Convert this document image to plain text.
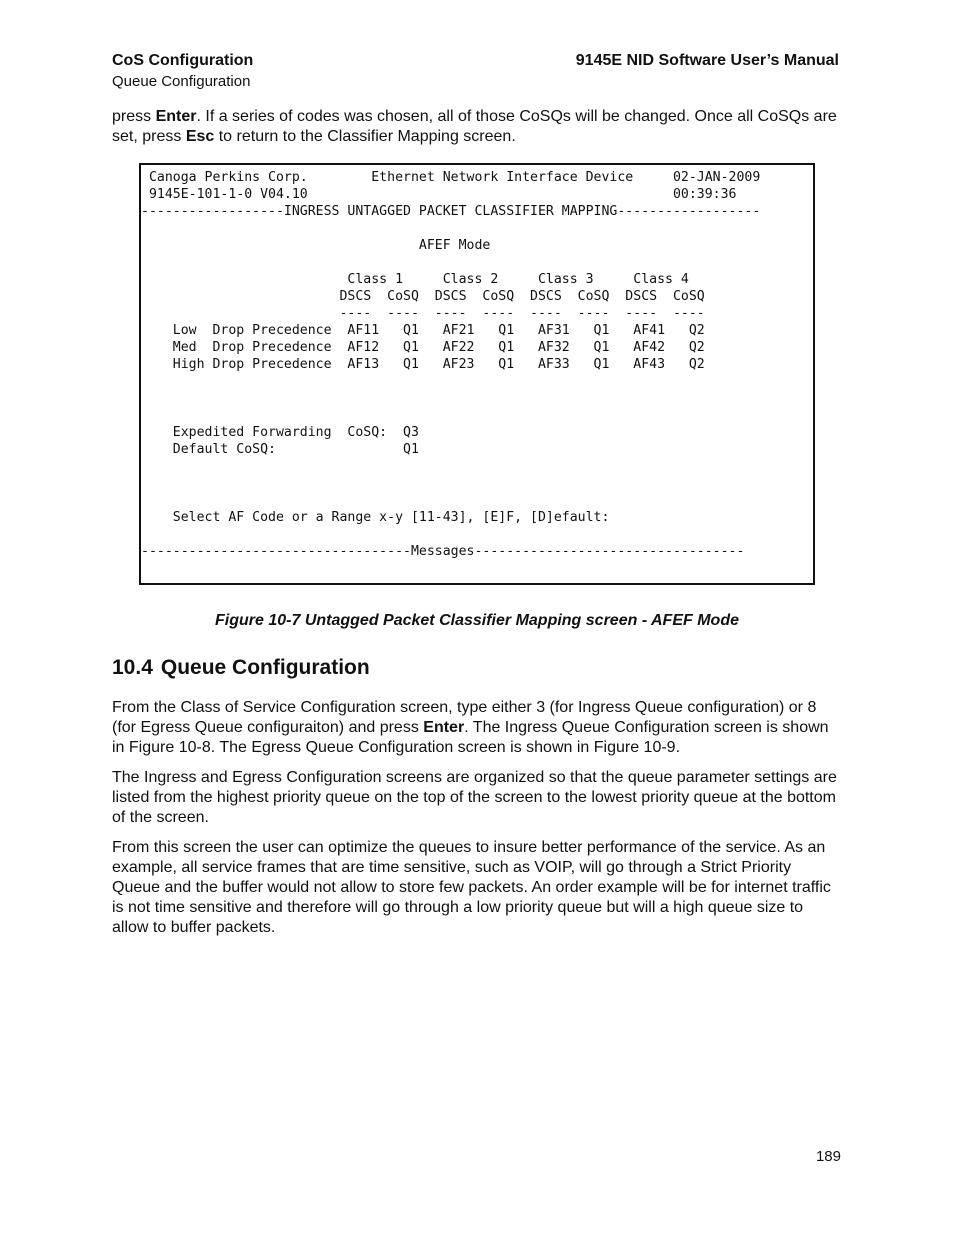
CoS Configuration
Queue Configuration
9145E NID Software User’s Manual

press Enter. If a series of codes was chosen, all of those CoSQs will be changed. Once all CoSQs are set, press Esc to return to the Classifier Mapping screen.

Canoga Perkins Corp.        Ethernet Network Interface Device     02-JAN-2009
9145E-101-1-0 V04.10                                              00:39:36
------------------INGRESS UNTAGGED PACKET CLASSIFIER MAPPING------------------
AFEF Mode
Class 1     Class 2     Class 3     Class 4
DSCS  CoSQ  DSCS  CoSQ  DSCS  CoSQ  DSCS  CoSQ
----  ----  ----  ----  ----  ----  ----  ----
Low  Drop Precedence  AF11   Q1   AF21   Q1   AF31   Q1   AF41   Q2
Med  Drop Precedence  AF12   Q1   AF22   Q1   AF32   Q1   AF42   Q2
High Drop Precedence  AF13   Q1   AF23   Q1   AF33   Q1   AF43   Q2
Expedited Forwarding  CoSQ:  Q3
Default CoSQ:                Q1
Select AF Code or a Range x-y [11-43], [E]F, [D]efault:
----------------------------------Messages----------------------------------
Figure 10-7 Untagged Packet Classifier Mapping screen - AFEF Mode
10.4 Queue Configuration

From the Class of Service Configuration screen, type either 3 (for Ingress Queue configuration) or 8 (for Egress Queue configuraiton) and press Enter. The Ingress Queue Configuration screen is shown in Figure 10-8. The Egress Queue Configuration screen is shown in Figure 10-9.

The Ingress and Egress Configuration screens are organized so that the queue parameter settings are listed from the highest priority queue on the top of the screen to the lowest priority queue at the bottom of the screen.

From this screen the user can optimize the queues to insure better performance of the service. As an example, all service frames that are time sensitive, such as VOIP, will go through a Strict Priority Queue and the buffer would not allow to store few packets. An order example will be for internet traffic is not time sensitive and therefore will go through a low priority queue but will a high queue size to allow to buffer packets.

189
